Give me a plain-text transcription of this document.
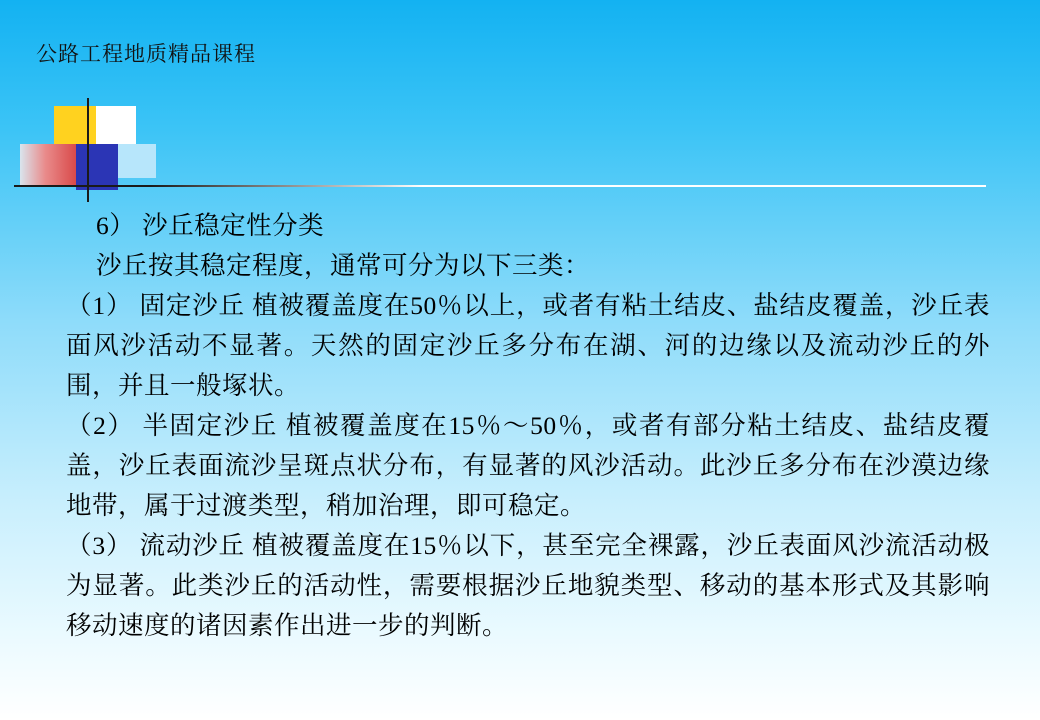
公路工程地质精品课程

6） 沙丘稳定性分类

沙丘按其稳定程度，通常可分为以下三类：

（1） 固定沙丘 植被覆盖度在50％以上，或者有粘土结皮、盐结皮覆盖，沙丘表面风沙活动不显著。天然的固定沙丘多分布在湖、河的边缘以及流动沙丘的外围，并且一般塚状。

（2） 半固定沙丘 植被覆盖度在15％～50％，或者有部分粘土结皮、盐结皮覆盖，沙丘表面流沙呈斑点状分布，有显著的风沙活动。此沙丘多分布在沙漠边缘地带，属于过渡类型，稍加治理，即可稳定。

（3） 流动沙丘 植被覆盖度在15％以下，甚至完全裸露，沙丘表面风沙流活动极为显著。此类沙丘的活动性，需要根据沙丘地貌类型、移动的基本形式及其影响移动速度的诸因素作出进一步的判断。
